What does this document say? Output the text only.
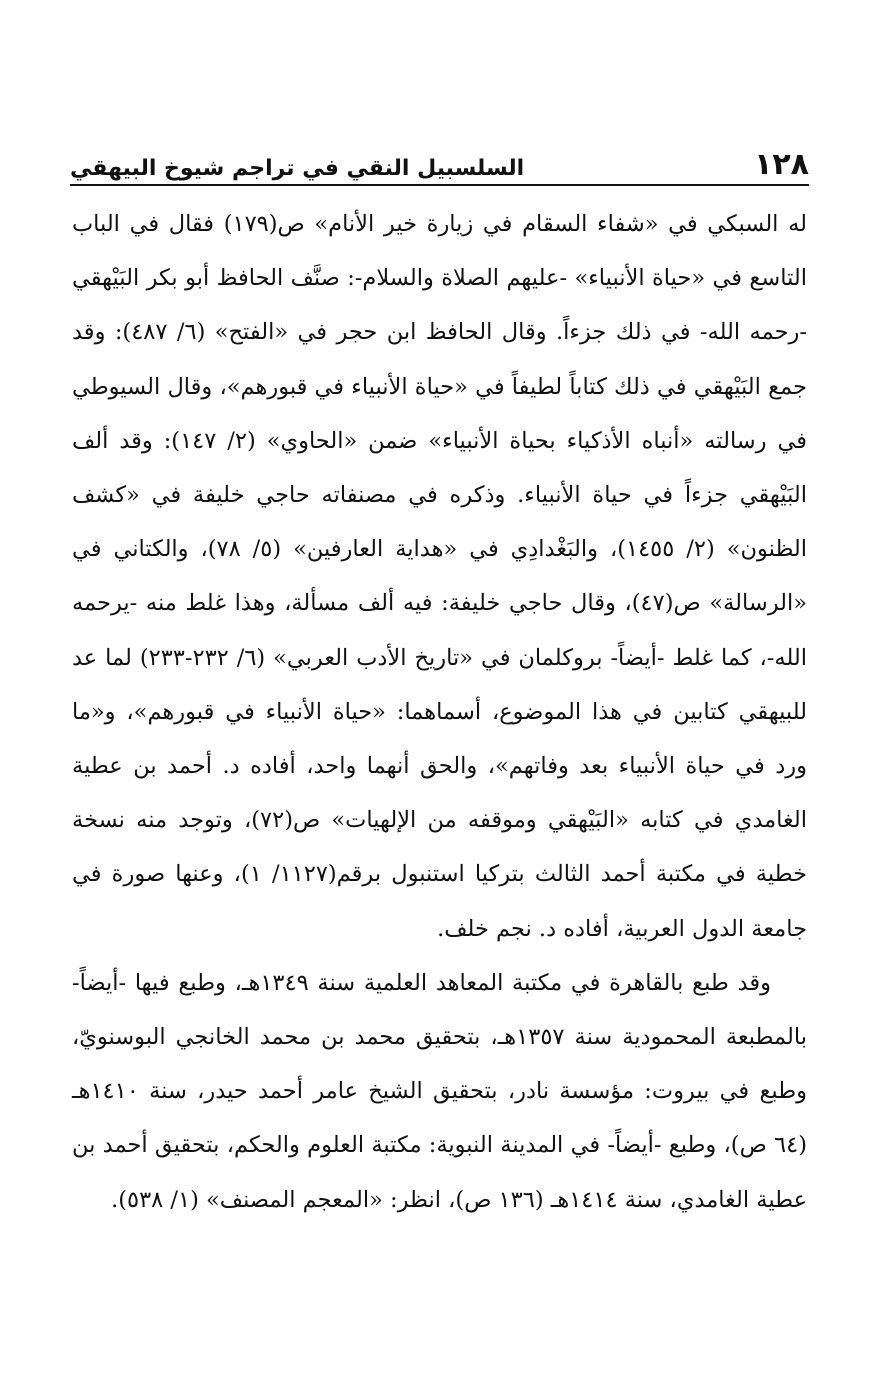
١٢٨
السلسبيل النقي في تراجم شيوخ البيهقي

له السبكي في «شفاء السقام في زيارة خير الأنام» ص(١٧٩) فقال في الباب التاسع في «حياة الأنبياء» -عليهم الصلاة والسلام-: صنَّف الحافظ أبو بكر البَيْهقي -رحمه الله- في ذلك جزءاً. وقال الحافظ ابن حجر في «الفتح» (٦/ ٤٨٧): وقد جمع البَيْهقي في ذلك كتاباً لطيفاً في «حياة الأنبياء في قبورهم»، وقال السيوطي في رسالته «أنباه الأذكياء بحياة الأنبياء» ضمن «الحاوي» (٢/ ١٤٧): وقد ألف البَيْهقي جزءاً في حياة الأنبياء. وذكره في مصنفاته حاجي خليفة في «كشف الظنون» (٢/ ١٤٥٥)، والبَغْدادِي في «هداية العارفين» (٥/ ٧٨)، والكتاني في «الرسالة» ص(٤٧)، وقال حاجي خليفة: فيه ألف مسألة، وهذا غلط منه -يرحمه الله-، كما غلط -أيضاً- بروكلمان في «تاريخ الأدب العربي» (٦/ ٢٣٢-٢٣٣) لما عد للبيهقي كتابين في هذا الموضوع، أسماهما: «حياة الأنبياء في قبورهم»، و«ما ورد في حياة الأنبياء بعد وفاتهم»، والحق أنهما واحد، أفاده د. أحمد بن عطية الغامدي في كتابه «البَيْهقي وموقفه من الإلهيات» ص(٧٢)، وتوجد منه نسخة خطية في مكتبة أحمد الثالث بتركيا استنبول برقم(١١٢٧/ ١)، وعنها صورة في جامعة الدول العربية، أفاده د. نجم خلف.

وقد طبع بالقاهرة في مكتبة المعاهد العلمية سنة ١٣٤٩هـ، وطبع فيها -أيضاً- بالمطبعة المحمودية سنة ١٣٥٧هـ، بتحقيق محمد بن محمد الخانجي البوسنويّ، وطبع في بيروت: مؤسسة نادر، بتحقيق الشيخ عامر أحمد حيدر، سنة ١٤١٠هـ (٦٤ ص)، وطبع -أيضاً- في المدينة النبوية: مكتبة العلوم والحكم، بتحقيق أحمد بن عطية الغامدي، سنة ١٤١٤هـ (١٣٦ ص)، انظر: «المعجم المصنف» (١/ ٥٣٨).
